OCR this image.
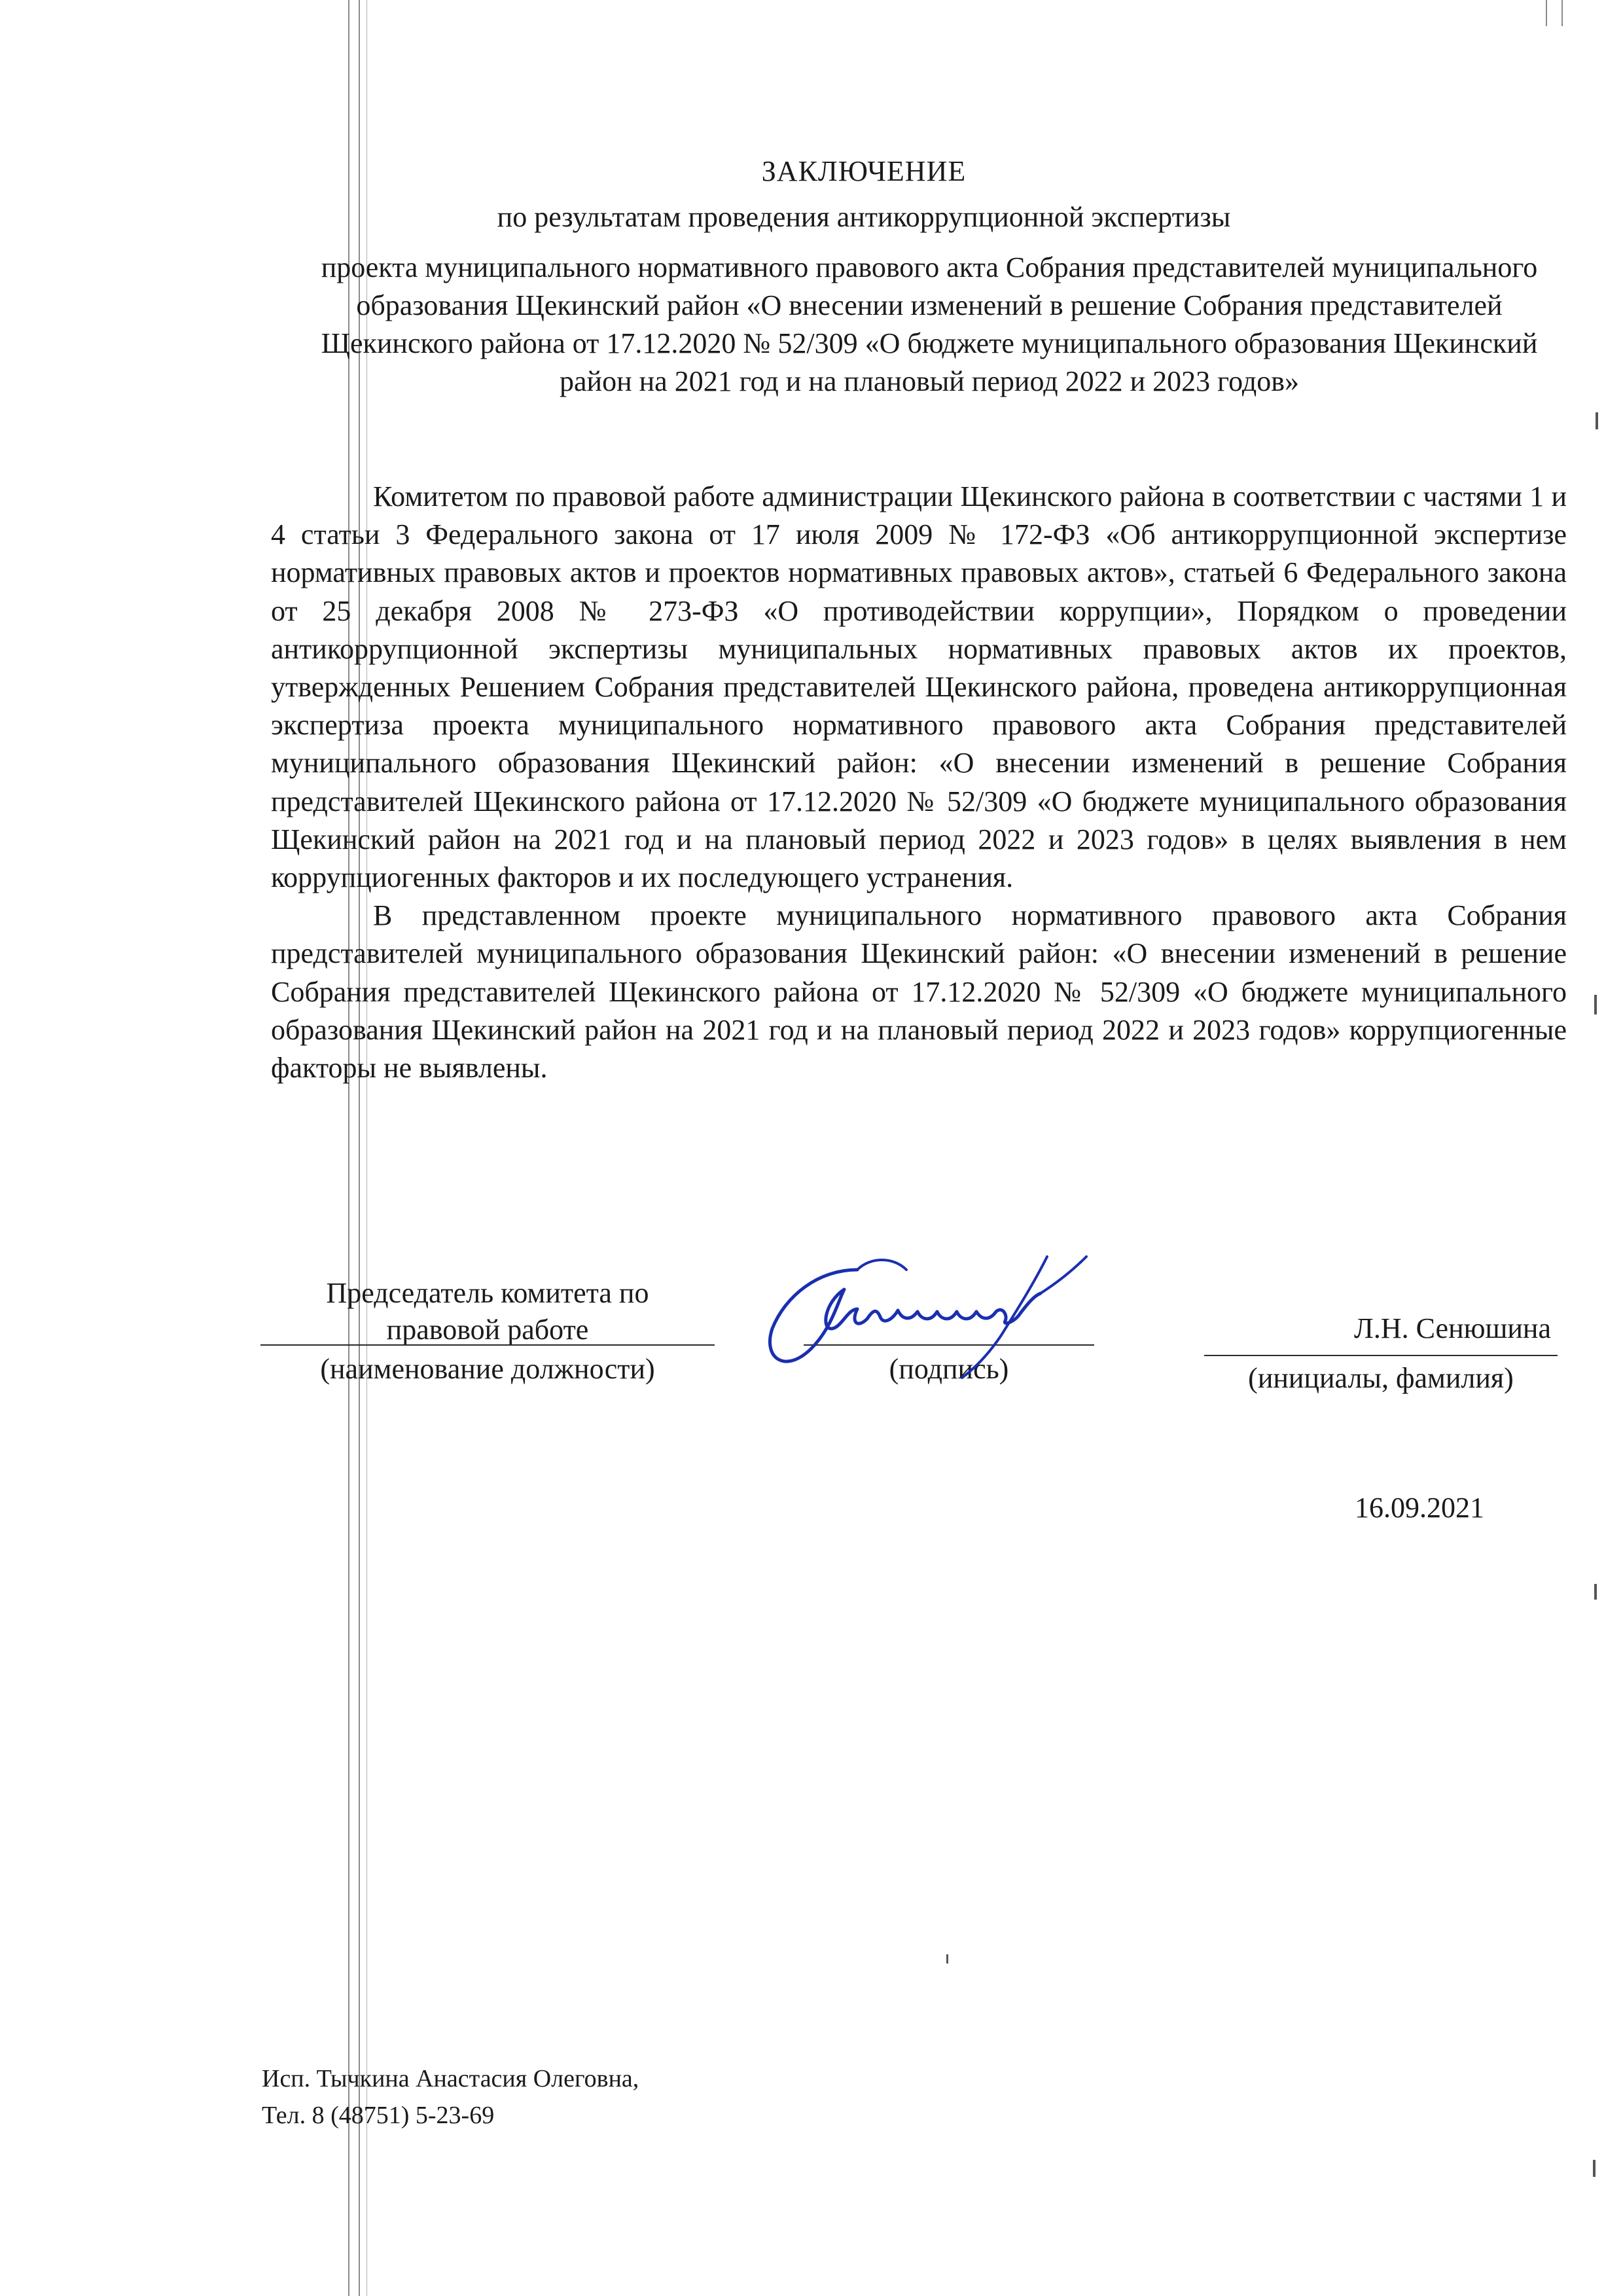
ЗАКЛЮЧЕНИЕ
по результатам проведения антикоррупционной экспертизы
проекта муниципального нормативного правового акта Собрания представителей муниципального образования Щекинский район «О внесении изменений в решение Собрания представителей Щекинского района от 17.12.2020 № 52/309 «О бюджете муниципального образования Щекинский район на 2021 год и на плановый период 2022 и 2023 годов»

Комитетом по правовой работе администрации Щекинского района в соответствии с частями 1 и 4 статьи 3 Федерального закона от 17 июля 2009 № 172-ФЗ «Об антикоррупционной экспертизе нормативных правовых актов и проектов нормативных правовых актов», статьей 6 Федерального закона от 25 декабря 2008 № 273-ФЗ «О противодействии коррупции», Порядком о проведении антикоррупционной экспертизы муниципальных нормативных правовых актов их проектов, утвержденных Решением Собрания представителей Щекинского района, проведена антикоррупционная экспертиза проекта муниципального нормативного правового акта Собрания представителей муниципального образования Щекинский район: «О внесении изменений в решение Собрания представителей Щекинского района от 17.12.2020 № 52/309 «О бюджете муниципального образования Щекинский район на 2021 год и на плановый период 2022 и 2023 годов» в целях выявления в нем коррупциогенных факторов и их последующего устранения.

В представленном проекте муниципального нормативного правового акта Собрания представителей муниципального образования Щекинский район: «О внесении изменений в решение Собрания представителей Щекинского района от 17.12.2020 № 52/309 «О бюджете муниципального образования Щекинский район на 2021 год и на плановый период 2022 и 2023 годов» коррупциогенные факторы не выявлены.

Председатель комитета по
правовой работе
(наименование должности)	(подпись)
Л.Н. Сенюшина
(инициалы, фамилия)
16.09.2021
Исп. Тычкина Анастасия Олеговна,
Тел. 8 (48751) 5-23-69
